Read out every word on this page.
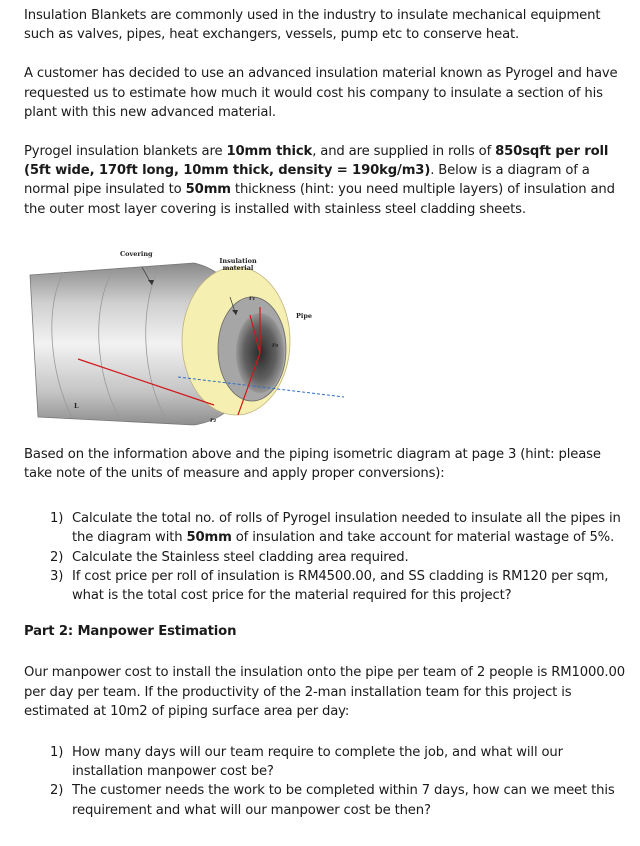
Insulation Blankets are commonly used in the industry to insulate mechanical equipment such as valves, pipes, heat exchangers, vessels, pump etc to conserve heat.

A customer has decided to use an advanced insulation material known as Pyrogel and have requested us to estimate how much it would cost his company to insulate a section of his plant with this new advanced material.

Pyrogel insulation blankets are 10mm thick, and are supplied in rolls of 850sqft per roll (5ft wide, 170ft long, 10mm thick, density = 190kg/m3). Below is a diagram of a normal pipe insulated to 50mm thickness (hint: you need multiple layers) of insulation and the outer most layer covering is installed with stainless steel cladding sheets.

Covering
Insulation material
r₁
Pipe
r₀
r₂
L

Based on the information above and the piping isometric diagram at page 3 (hint: please take note of the units of measure and apply proper conversions):

1) Calculate the total no. of rolls of Pyrogel insulation needed to insulate all the pipes in the diagram with 50mm of insulation and take account for material wastage of 5%.
2) Calculate the Stainless steel cladding area required.
3) If cost price per roll of insulation is RM4500.00, and SS cladding is RM120 per sqm, what is the total cost price for the material required for this project?

Part 2: Manpower Estimation

Our manpower cost to install the insulation onto the pipe per team of 2 people is RM1000.00 per day per team. If the productivity of the 2-man installation team for this project is estimated at 10m2 of piping surface area per day:

1) How many days will our team require to complete the job, and what will our installation manpower cost be?
2) The customer needs the work to be completed within 7 days, how can we meet this requirement and what will our manpower cost be then?
